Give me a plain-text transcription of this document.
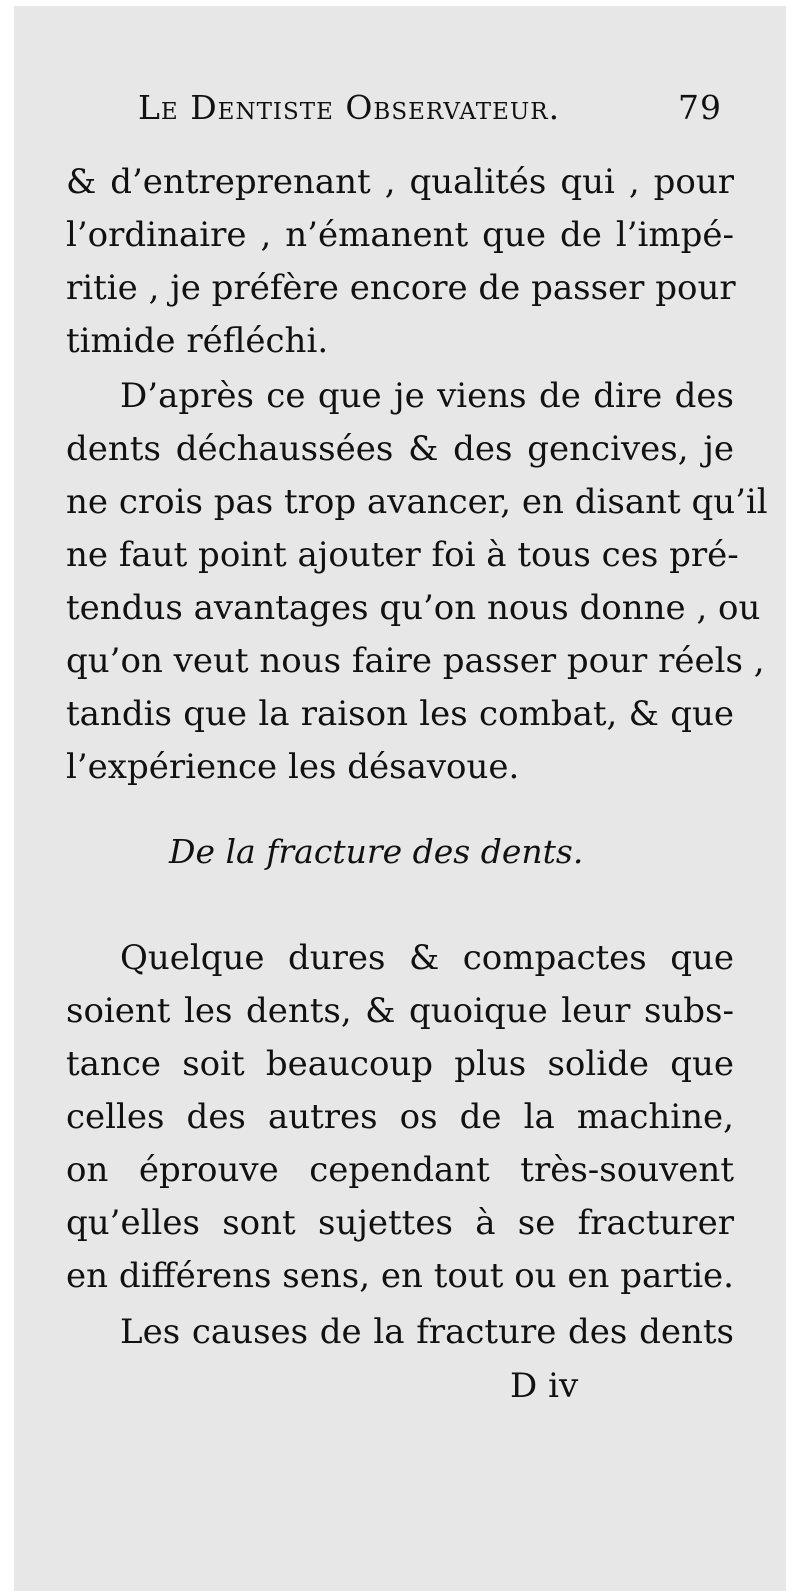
Le Dentiste Observateur.	79
& d’entreprenant , qualités qui , pour
l’ordinaire , n’émanent que de l’impé-
ritie , je préfère encore de passer pour
timide réfléchi.
D’après ce que je viens de dire des
dents déchaussées & des gencives, je
ne crois pas trop avancer, en disant qu’il
ne faut point ajouter foi à tous ces pré-
tendus avantages qu’on nous donne , ou
qu’on veut nous faire passer pour réels ,
tandis que la raison les combat, & que
l’expérience les désavoue.
De la fracture des dents.
Quelque dures & compactes que
soient les dents, & quoique leur subs-
tance soit beaucoup plus solide que
celles des autres os de la machine,
on éprouve cependant très-souvent
qu’elles sont sujettes à se fracturer
en différens sens, en tout ou en partie.
Les causes de la fracture des dents
D iv
